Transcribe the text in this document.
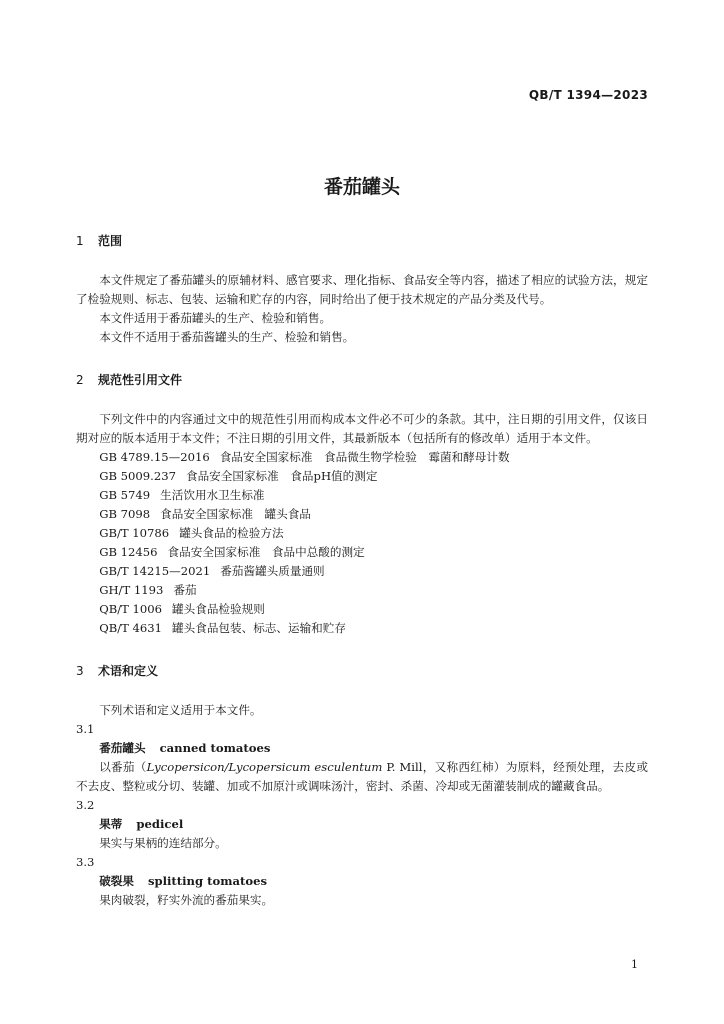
QB/T 1394—2023
番茄罐头
1 范围

本文件规定了番茄罐头的原辅材料、感官要求、理化指标、食品安全等内容，描述了相应的试验方法，规定了检验规则、标志、包装、运输和贮存的内容，同时给出了便于技术规定的产品分类及代号。

本文件适用于番茄罐头的生产、检验和销售。

本文件不适用于番茄酱罐头的生产、检验和销售。

2 规范性引用文件

下列文件中的内容通过文中的规范性引用而构成本文件必不可少的条款。其中，注日期的引用文件，仅该日期对应的版本适用于本文件；不注日期的引用文件，其最新版本（包括所有的修改单）适用于本文件。

GB 4789.15—2016 食品安全国家标准　食品微生物学检验　霉菌和酵母计数

GB 5009.237 食品安全国家标准　食品pH值的测定

GB 5749 生活饮用水卫生标准

GB 7098 食品安全国家标准　罐头食品

GB/T 10786 罐头食品的检验方法

GB 12456 食品安全国家标准　食品中总酸的测定

GB/T 14215—2021 番茄酱罐头质量通则

GH/T 1193 番茄

QB/T 1006 罐头食品检验规则

QB/T 4631 罐头食品包装、标志、运输和贮存

3 术语和定义

下列术语和定义适用于本文件。

3.1

番茄罐头 canned tomatoes

以番茄（Lycopersicon/Lycopersicum esculentum P. Mill，又称西红柿）为原料，经预处理，去皮或不去皮、整粒或分切、装罐、加或不加原汁或调味汤汁，密封、杀菌、冷却或无菌灌装制成的罐藏食品。

3.2

果蒂 pedicel

果实与果柄的连结部分。

3.3

破裂果 splitting tomatoes

果肉破裂，籽实外流的番茄果实。

1
